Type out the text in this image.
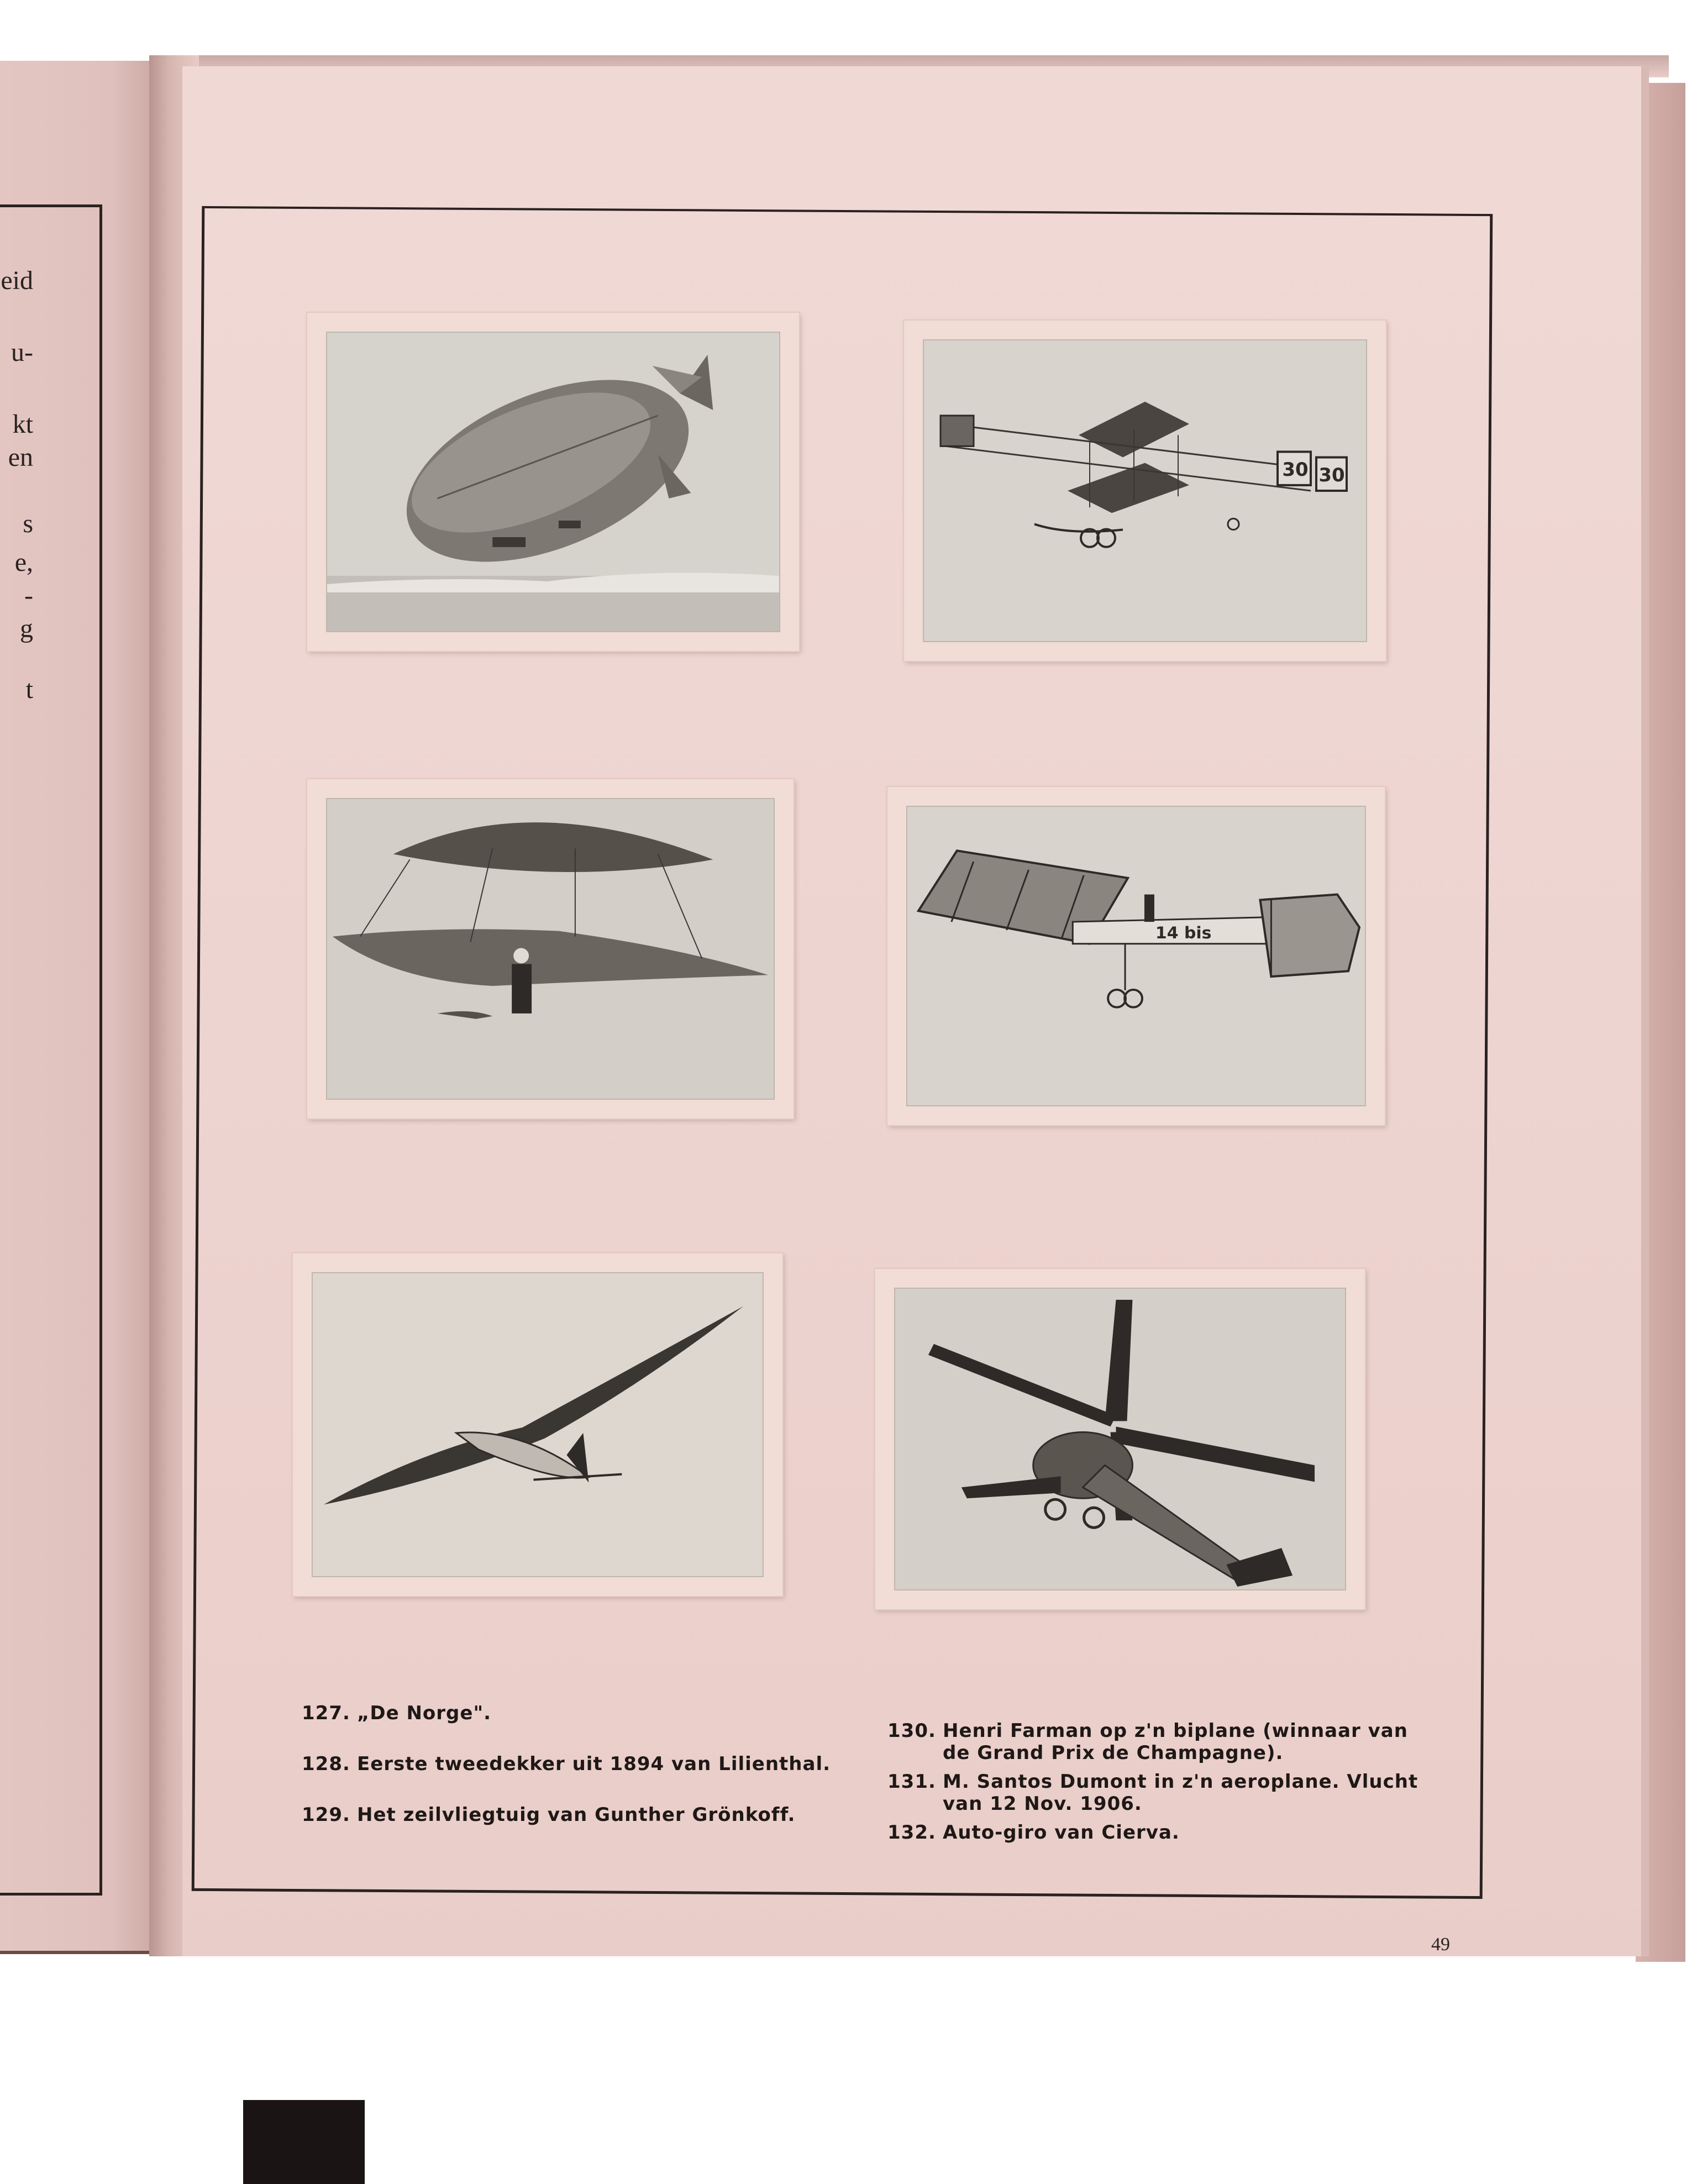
eid
u-
kt
en
s
e,
-
g
t
30 30
14 bis
127. „De Norge".
128. Eerste tweedekker uit 1894 van Lilienthal.
129. Het zeilvliegtuig van Gunther Grönkoff.
130. Henri Farman op z'n biplane (winnaar van
de Grand Prix de Champagne).
131. M. Santos Dumont in z'n aeroplane. Vlucht
van 12 Nov. 1906.
132. Auto-giro van Cierva.
49
